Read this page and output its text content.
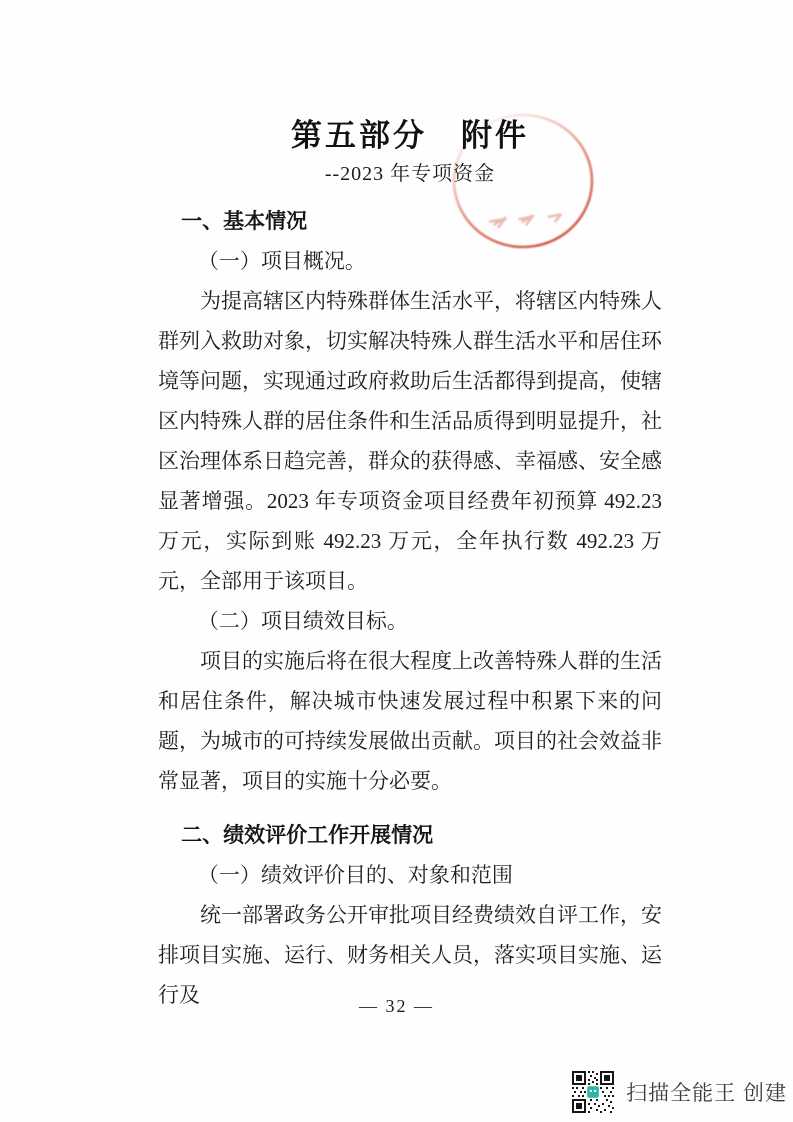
第五部分　附件
--2023 年专项资金
一、基本情况
（一）项目概况。

为提高辖区内特殊群体生活水平，将辖区内特殊人群列入救助对象，切实解决特殊人群生活水平和居住环境等问题，实现通过政府救助后生活都得到提高，使辖区内特殊人群的居住条件和生活品质得到明显提升，社区治理体系日趋完善，群众的获得感、幸福感、安全感显著增强。2023 年专项资金项目经费年初预算 492.23 万元，实际到账 492.23 万元，全年执行数 492.23 万元，全部用于该项目。

（二）项目绩效目标。

项目的实施后将在很大程度上改善特殊人群的生活和居住条件，解决城市快速发展过程中积累下来的问题，为城市的可持续发展做出贡献。项目的社会效益非常显著，项目的实施十分必要。

二、绩效评价工作开展情况
（一）绩效评价目的、对象和范围

统一部署政务公开审批项目经费绩效自评工作，安排项目实施、运行、财务相关人员，落实项目实施、运行及	— 32 —
扫描全能王 创建
